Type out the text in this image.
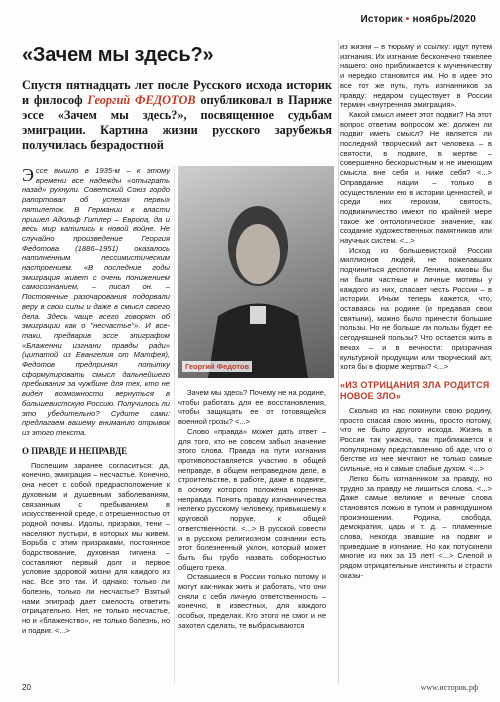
Историк • ноябрь/2020
«Зачем мы здесь?»

Спустя пятнадцать лет после Русского исхода историк и философ Георгий ФЕДОТОВ опубликовал в Париже эссе «Зачем мы здесь?», посвященное судьбам эмиграции. Картина жизни русского зарубежья получилась безрадостной

Эссе вышло в 1935-м – к этому времени все надежды «отыграть назад» рухнули. Советский Союз гордо рапортовал об успехах первых пятилеток. В Германии к власти пришел Адольф Гитлер – Европа, да и весь мир катились к новой войне. Не случайно произведение Георгия Федотова (1886–1951) оказалось наполненным пессимистическим настроением. «В последние годы эмиграция живет с очень понижением самосознанием, – писал он. – Постоянные разочарования подорвали веру в свои силы и даже в смысл своего дела. Здесь чаще всего говорят об эмиграции как о "несчастье"». И все-таки, предварив эссе эпиграфом «Блаженни изгнани правды ради» (цитатой из Евангелия от Матфея), Федотов предпринял попытку сформулировать смысл дальнейшего пребывания за чужбине для тех, кто не видел возможности вернуться в большевистскую Россию. Получилось ли это убедительно? Судите сами: предлагаем вашему вниманию отрывок из этого текста.

О ПРАВДЕ И НЕПРАВДЕ

Поспешим заранее согласиться: да, конечно, эмиграция – несчастье. Конечно, она несет с собой предрасположение к духовным и душевным заболеваниям, связанным с пребыванием в искусственной среде, с отрешенностью от родной почвы. Идолы, призраки, тени – населяют пустыри, в которых мы живем. Борьба с этим призраками, постоянное бодрствование, духовная гигиена – составляют первый долг и первое условие здоровой жизни для каждого из нас. Все это так. И однако: только ли болезнь, только ли несчастье? Взятый нами эпиграф дает смелость ответить отрицательно. Нет, не только несчастье, но и «блаженство», не только болезнь, но и подвиг. <...>

Георгий Федотов

Зачем мы здесь? Почему не на родине, чтобы работать для ее восстановления, чтобы защищать ее от готовящейся военной грозы? <...>

Слово «правда» может дать ответ – для того, кто не совсем забыл значение этого слова. Правда на пути изгнания противопоставляется участию в общей неправде, в общем неправедном деле, в строительстве, в работе, даже в подвиге, в основу которого положена коренная неправда. Понять правду изгнанничества нелегко русскому человеку, привыкшему к круговой поруке, к общей ответственности. <...> В русской совести и в русском религиозном сознании есть этот болезненный уклон, который может быть бы грубо назвать соборностью общего греха.

Оставшиеся в России только потому и могут как-никак жить и работать, что они сняли с себя личную ответственность – конечно, в известных, для каждого особых, пределах. Кто этого не смог и не захотел сделать, те выбрасываются

из жизни – в тюрьму и ссылку: идут путем изгнания. Их изгнание бесконечно тяжелее нашего: оно приближается к мученичеству и нередко становится им. Но в идее это все тот же путь, путь изгнанников за правду: недаром существует в России термин «внутренняя эмиграция».

Какой смысл имеет этот подвиг? На этот вопрос ответим вопросом же: должен ли подвиг иметь смысл? Не является ли последний творческий акт человека – в святости, в подвиге, в жертве – совершенно бескорыстным и не имеющим смысла вне себя и ниже себя? <...> Оправдание нации – только в осуществлении ею в истории ценностей, и среди них героизм, святость, подвижничество имеют по крайней мере такое же онтологическое значение, как создание художественных памятников или научных систем. <...>

Исход из большевистской России миллионов людей, не пожелавших подчиниться деспотии Ленина, каковы бы ни были частные и личные мотивы у каждого из них, спасает честь России – в истории. Иным теперь кажется, что, оставаясь на родине (и предавая свои святыни), можно было принести большие пользы. Но не больше ли пользы будет ее сегодняшней пользы? Что остается жить в веках – и в вечности: призрачная культурной продукции или творческий акт, хотя бы в форме жертвы? <...>

«ИЗ ОТРИЦАНИЯ ЗЛА РОДИТСЯ НОВОЕ ЗЛО»

Сколько из нас покинули свою родину, просто спасая свою жизнь, просто потому, что не было другого исхода. Жизнь в России так ужасна, так приближается к популярному представлению об аде, что о бегстве из нее мечтают не только самые сильные, но и самые слабые духом. <...>

Легко быть изгнанником за правду, но трудно за правду не лишиться слова. <...> Даже самые великие и вечные слова становятся ложью в тупом и равнодушном произношении. Родина, свобода, демократия, царь и т. д. – пламенные слова, некогда звавшие на подвиг и приведшие в изгнание. Но как потускнели многие из них за 15 лет! <...> Слепой и рядом отрицательные инстинкты и страсти оказы-

20	www.историк.рф
